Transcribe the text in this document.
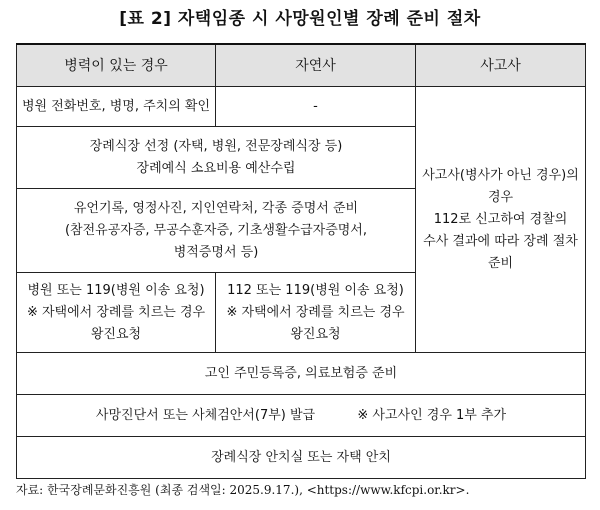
[표 2] 자택임종 시 사망원인별 장례 준비 절차
병력이 있는 경우	자연사	사고사
병원 전화번호, 병명, 주치의 확인	-	사고사(병사가 아닌 경우)의
경우
112로 신고하여 경찰의
수사 결과에 따라 장례 절차
준비

장례식장 선정 (자택, 병원, 전문장례식장 등)
장례예식 소요비용 예산수립		

유언기록, 영정사진, 지인연락처, 각종 증명서 준비
(참전유공자증, 무공수훈자증, 기초생활수급자증명서,
병적증명서 등)		

병원 또는 119(병원 이송 요청)
※ 자택에서 장례를 치르는 경우
왕진요청	112 또는 119(병원 이송 요청)
※ 자택에서 장례를 치르는 경우
왕진요청	

고인 주민등록증, 의료보험증 준비		
사망진단서 또는 사체검안서(7부) 발급 ※ 사고사인 경우 1부 추가		
장례식장 안치실 또는 자택 안치		
자료: 한국장례문화진흥원 (최종 검색일: 2025.9.17.), <https://www.kfcpi.or.kr>.
